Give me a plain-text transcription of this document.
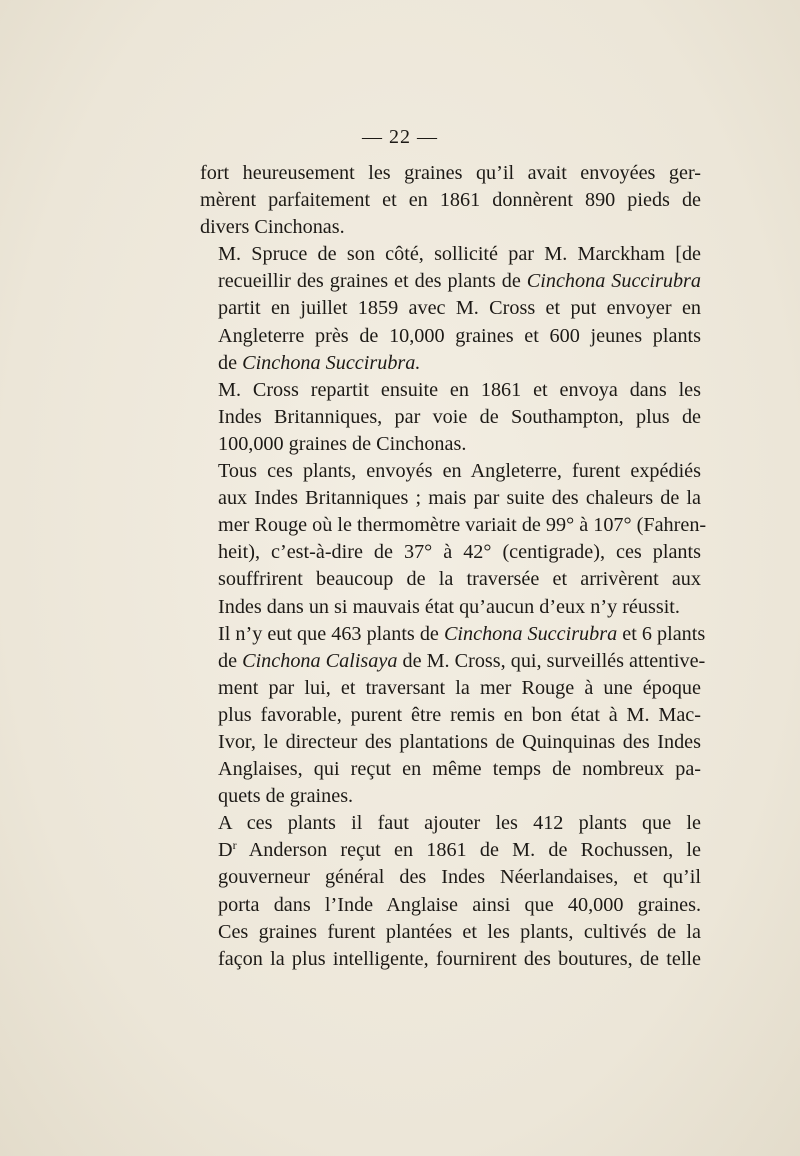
— 22 —

fort heureusement les graines qu’il avait envoyées ger-
mèrent parfaitement et en 1861 donnèrent 890 pieds de
divers Cinchonas.

M. Spruce de son côté, sollicité par M. Marckham [de
recueillir des graines et des plants de Cinchona Succirubra
partit en juillet 1859 avec M. Cross et put envoyer en
Angleterre près de 10,000 graines et 600 jeunes plants
de Cinchona Succirubra.

M. Cross repartit ensuite en 1861 et envoya dans les
Indes Britanniques, par voie de Southampton, plus de
100,000 graines de Cinchonas.

Tous ces plants, envoyés en Angleterre, furent expédiés
aux Indes Britanniques ; mais par suite des chaleurs de la
mer Rouge où le thermomètre variait de 99° à 107° (Fahren-
heit), c’est-à-dire de 37° à 42° (centigrade), ces plants
souffrirent beaucoup de la traversée et arrivèrent aux
Indes dans un si mauvais état qu’aucun d’eux n’y réussit.

Il n’y eut que 463 plants de Cinchona Succirubra et 6 plants
de Cinchona Calisaya de M. Cross, qui, surveillés attentive-
ment par lui, et traversant la mer Rouge à une époque
plus favorable, purent être remis en bon état à M. Mac-
Ivor, le directeur des plantations de Quinquinas des Indes
Anglaises, qui reçut en même temps de nombreux pa-
quets de graines.

A ces plants il faut ajouter les 412 plants que le
$D^r$ Anderson reçut en 1861 de M. de Rochussen, le
gouverneur général des Indes Néerlandaises, et qu’il
porta dans l’Inde Anglaise ainsi que 40,000 graines.
Ces graines furent plantées et les plants, cultivés de la
façon la plus intelligente, fournirent des boutures, de telle
